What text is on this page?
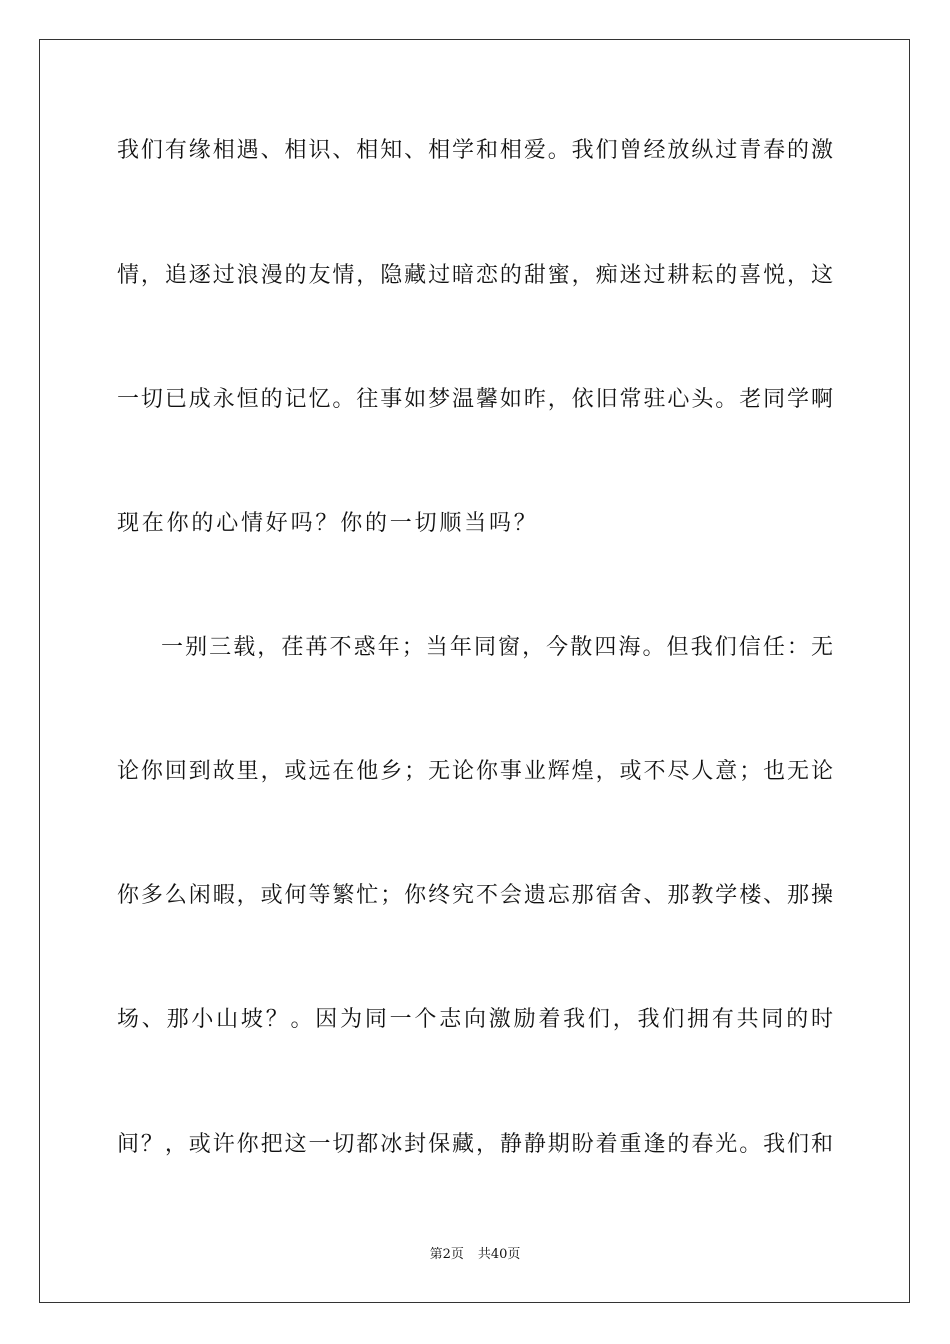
我们有缘相遇、相识、相知、相学和相爱。我们曾经放纵过青春的激
情，追逐过浪漫的友情，隐藏过暗恋的甜蜜，痴迷过耕耘的喜悦，这
一切已成永恒的记忆。往事如梦温馨如昨，依旧常驻心头。老同学啊
现在你的心情好吗？你的一切顺当吗？
一别三载，荏苒不惑年；当年同窗，今散四海。但我们信任：无
论你回到故里，或远在他乡；无论你事业辉煌，或不尽人意；也无论
你多么闲暇，或何等繁忙；你终究不会遗忘那宿舍、那教学楼、那操
场、那小山坡？。因为同一个志向激励着我们，我们拥有共同的时
间？，或许你把这一切都冰封保藏，静静期盼着重逢的春光。我们和
第2页 共40页
